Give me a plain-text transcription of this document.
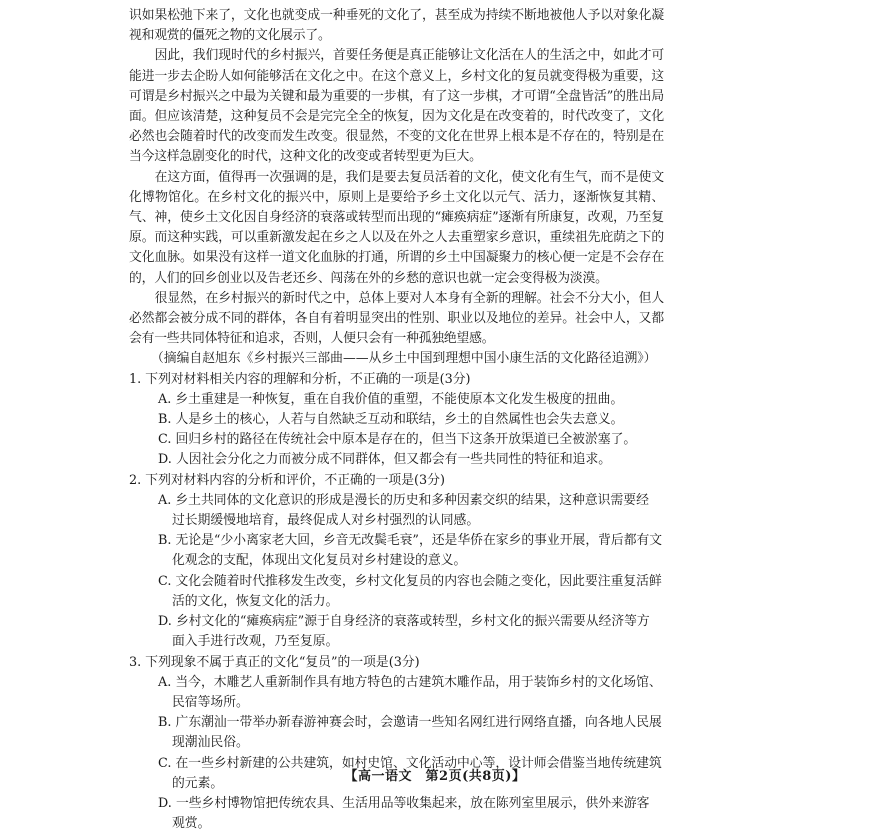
识如果松弛下来了，文化也就变成一种垂死的文化了，甚至成为持续不断地被他人予以对象化凝视和观赏的僵死之物的文化展示了。

因此，我们现时代的乡村振兴，首要任务便是真正能够让文化活在人的生活之中，如此才可能进一步去企盼人如何能够活在文化之中。在这个意义上，乡村文化的复员就变得极为重要，这可谓是乡村振兴之中最为关键和最为重要的一步棋，有了这一步棋，才可谓“全盘皆活”的胜出局面。但应该清楚，这种复员不会是完完全全的恢复，因为文化是在改变着的，时代改变了，文化必然也会随着时代的改变而发生改变。很显然，不变的文化在世界上根本是不存在的，特别是在当今这样急剧变化的时代，这种文化的改变或者转型更为巨大。

在这方面，值得再一次强调的是，我们是要去复员活着的文化，使文化有生气，而不是使文化博物馆化。在乡村文化的振兴中，原则上是要给予乡土文化以元气、活力，逐渐恢复其精、气、神，使乡土文化因自身经济的衰落或转型而出现的“瘫痪病症”逐渐有所康复，改观，乃至复原。而这种实践，可以重新激发起在乡之人以及在外之人去重塑家乡意识，重续祖先庇荫之下的文化血脉。如果没有这样一道文化血脉的打通，所谓的乡土中国凝聚力的核心便一定是不会存在的，人们的回乡创业以及告老还乡、闯荡在外的乡愁的意识也就一定会变得极为淡漠。

很显然，在乡村振兴的新时代之中，总体上要对人本身有全新的理解。社会不分大小，但人必然都会被分成不同的群体，各自有着明显突出的性别、职业以及地位的差异。社会中人，又都会有一些共同体特征和追求，否则，人便只会有一种孤独绝望感。

（摘编自赵旭东《乡村振兴三部曲——从乡土中国到理想中国小康生活的文化路径追溯》）

1. 下列对材料相关内容的理解和分析，不正确的一项是(3分)

A. 乡土重建是一种恢复，重在自我价值的重塑，不能使原本文化发生极度的扭曲。

B. 人是乡土的核心，人若与自然缺乏互动和联结，乡土的自然属性也会失去意义。

C. 回归乡村的路径在传统社会中原本是存在的，但当下这条开放渠道已全被淤塞了。

D. 人因社会分化之力而被分成不同群体，但又都会有一些共同性的特征和追求。

2. 下列对材料内容的分析和评价，不正确的一项是(3分)

A. 乡土共同体的文化意识的形成是漫长的历史和多种因素交织的结果，这种意识需要经
过长期缓慢地培育，最终促成人对乡村强烈的认同感。

B. 无论是“少小离家老大回，乡音无改鬓毛衰”，还是华侨在家乡的事业开展，背后都有文
化观念的支配，体现出文化复员对乡村建设的意义。

C. 文化会随着时代推移发生改变，乡村文化复员的内容也会随之变化，因此要注重复活鲜
活的文化，恢复文化的活力。

D. 乡村文化的“瘫痪病症”源于自身经济的衰落或转型，乡村文化的振兴需要从经济等方
面入手进行改观，乃至复原。

3. 下列现象不属于真正的文化“复员”的一项是(3分)

A. 当今，木雕艺人重新制作具有地方特色的古建筑木雕作品，用于装饰乡村的文化场馆、
民宿等场所。

B. 广东潮汕一带举办新春游神赛会时，会邀请一些知名网红进行网络直播，向各地人民展
现潮汕民俗。

C. 在一些乡村新建的公共建筑，如村史馆、文化活动中心等，设计师会借鉴当地传统建筑
的元素。

D. 一些乡村博物馆把传统农具、生活用品等收集起来，放在陈列室里展示，供外来游客
观赏。

【高一语文　第2页(共8页)】
